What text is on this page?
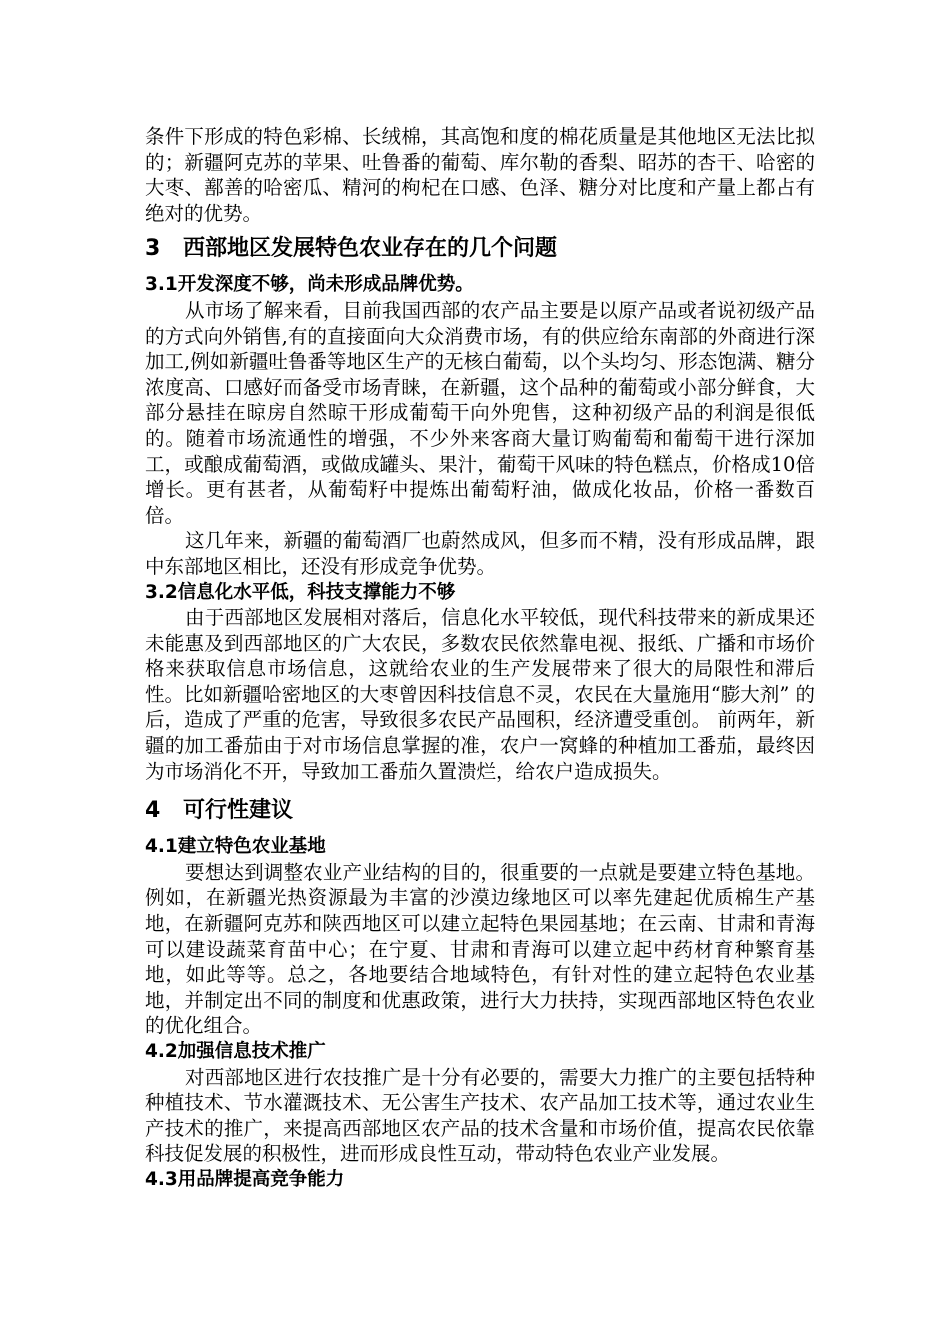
条件下形成的特色彩棉、长绒棉，其高饱和度的棉花质量是其他地区无法比拟的；新疆阿克苏的苹果、吐鲁番的葡萄、库尔勒的香梨、昭苏的杏干、哈密的大枣、鄯善的哈密瓜、精河的枸杞在口感、色泽、糖分对比度和产量上都占有绝对的优势。

3 西部地区发展特色农业存在的几个问题
3.1开发深度不够，尚未形成品牌优势。

从市场了解来看，目前我国西部的农产品主要是以原产品或者说初级产品的方式向外销售,有的直接面向大众消费市场，有的供应给东南部的外商进行深加工,例如新疆吐鲁番等地区生产的无核白葡萄，以个头均匀、形态饱满、糖分浓度高、口感好而备受市场青睐，在新疆，这个品种的葡萄或小部分鲜食，大部分悬挂在晾房自然晾干形成葡萄干向外兜售，这种初级产品的利润是很低的。随着市场流通性的增强，不少外来客商大量订购葡萄和葡萄干进行深加工，或酿成葡萄酒，或做成罐头、果汁，葡萄干风味的特色糕点，价格成10倍增长。更有甚者，从葡萄籽中提炼出葡萄籽油，做成化妆品，价格一番数百倍。

这几年来，新疆的葡萄酒厂也蔚然成风，但多而不精，没有形成品牌，跟中东部地区相比，还没有形成竞争优势。

3.2信息化水平低，科技支撑能力不够

由于西部地区发展相对落后，信息化水平较低，现代科技带来的新成果还未能惠及到西部地区的广大农民，多数农民依然靠电视、报纸、广播和市场价格来获取信息市场信息，这就给农业的生产发展带来了很大的局限性和滞后性。比如新疆哈密地区的大枣曾因科技信息不灵，农民在大量施用“膨大剂” 的后，造成了严重的危害，导致很多农民产品囤积，经济遭受重创。 前两年，新疆的加工番茄由于对市场信息掌握的准，农户一窝蜂的种植加工番茄，最终因为市场消化不开，导致加工番茄久置溃烂，给农户造成损失。

4 可行性建议
4.1建立特色农业基地

要想达到调整农业产业结构的目的，很重要的一点就是要建立特色基地。例如，在新疆光热资源最为丰富的沙漠边缘地区可以率先建起优质棉生产基地，在新疆阿克苏和陕西地区可以建立起特色果园基地；在云南、甘肃和青海可以建设蔬菜育苗中心；在宁夏、甘肃和青海可以建立起中药材育种繁育基地，如此等等。总之，各地要结合地域特色，有针对性的建立起特色农业基地，并制定出不同的制度和优惠政策，进行大力扶持，实现西部地区特色农业的优化组合。

4.2加强信息技术推广

对西部地区进行农技推广是十分有必要的，需要大力推广的主要包括特种种植技术、节水灌溉技术、无公害生产技术、农产品加工技术等，通过农业生产技术的推广，来提高西部地区农产品的技术含量和市场价值，提高农民依靠科技促发展的积极性，进而形成良性互动，带动特色农业产业发展。

4.3用品牌提高竞争能力
